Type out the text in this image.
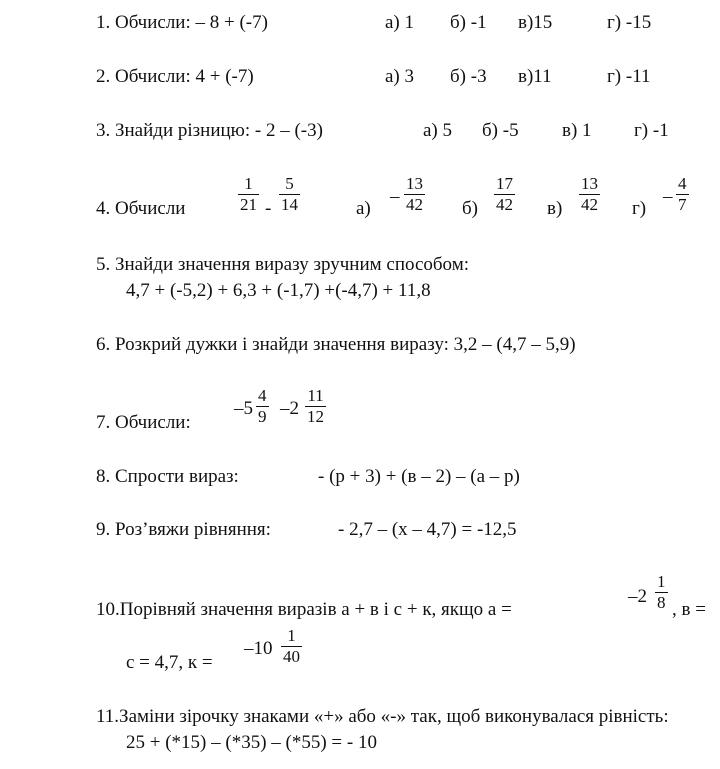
1. Обчисли: – 8 + (-7)	а) 1 б) -1 в)15	г) -15
2. Обчисли: 4 + (-7)	а) 3 б) -3 в)11	г) -11
3. Знайди різницю: - 2 – (-3)	а) 5 б) -5 в) 1 г) -1
4. Обчисли	$\frac{1}{21} - \frac{5}{14}$	а)
– $\frac{13}{42} б) \frac{17}{42} в) \frac{13}{42} г$)
– $\frac{4}{7}$
5. Знайди значення виразу зручним способом:
4,7 + (-5,2) + 6,3 + (-1,7) +(-4,7) + 11,8
6. Розкрий дужки і знайди значення виразу: 3,2 – (4,7 – 5,9)
7. Обчисли:
$-5 \frac{4}{9} -2 \frac{11}{12}$
8. Спрости вираз:	- (р + 3) + (в – 2) – (а – р)
9. Роз’вяжи рівняння:	- 2,7 – (х – 4,7) = -12,5
10.Порівняй значення виразів а + в і с + к, якщо а =
$-2 \frac{1}{8}$ , в =
с = 4,7, к =
$-10 \frac{1}{40}$
11.Заміни зірочку знаками «+» або «-» так, щоб виконувалася рівність:
25 + (*15) – (*35) – (*55) = - 10
